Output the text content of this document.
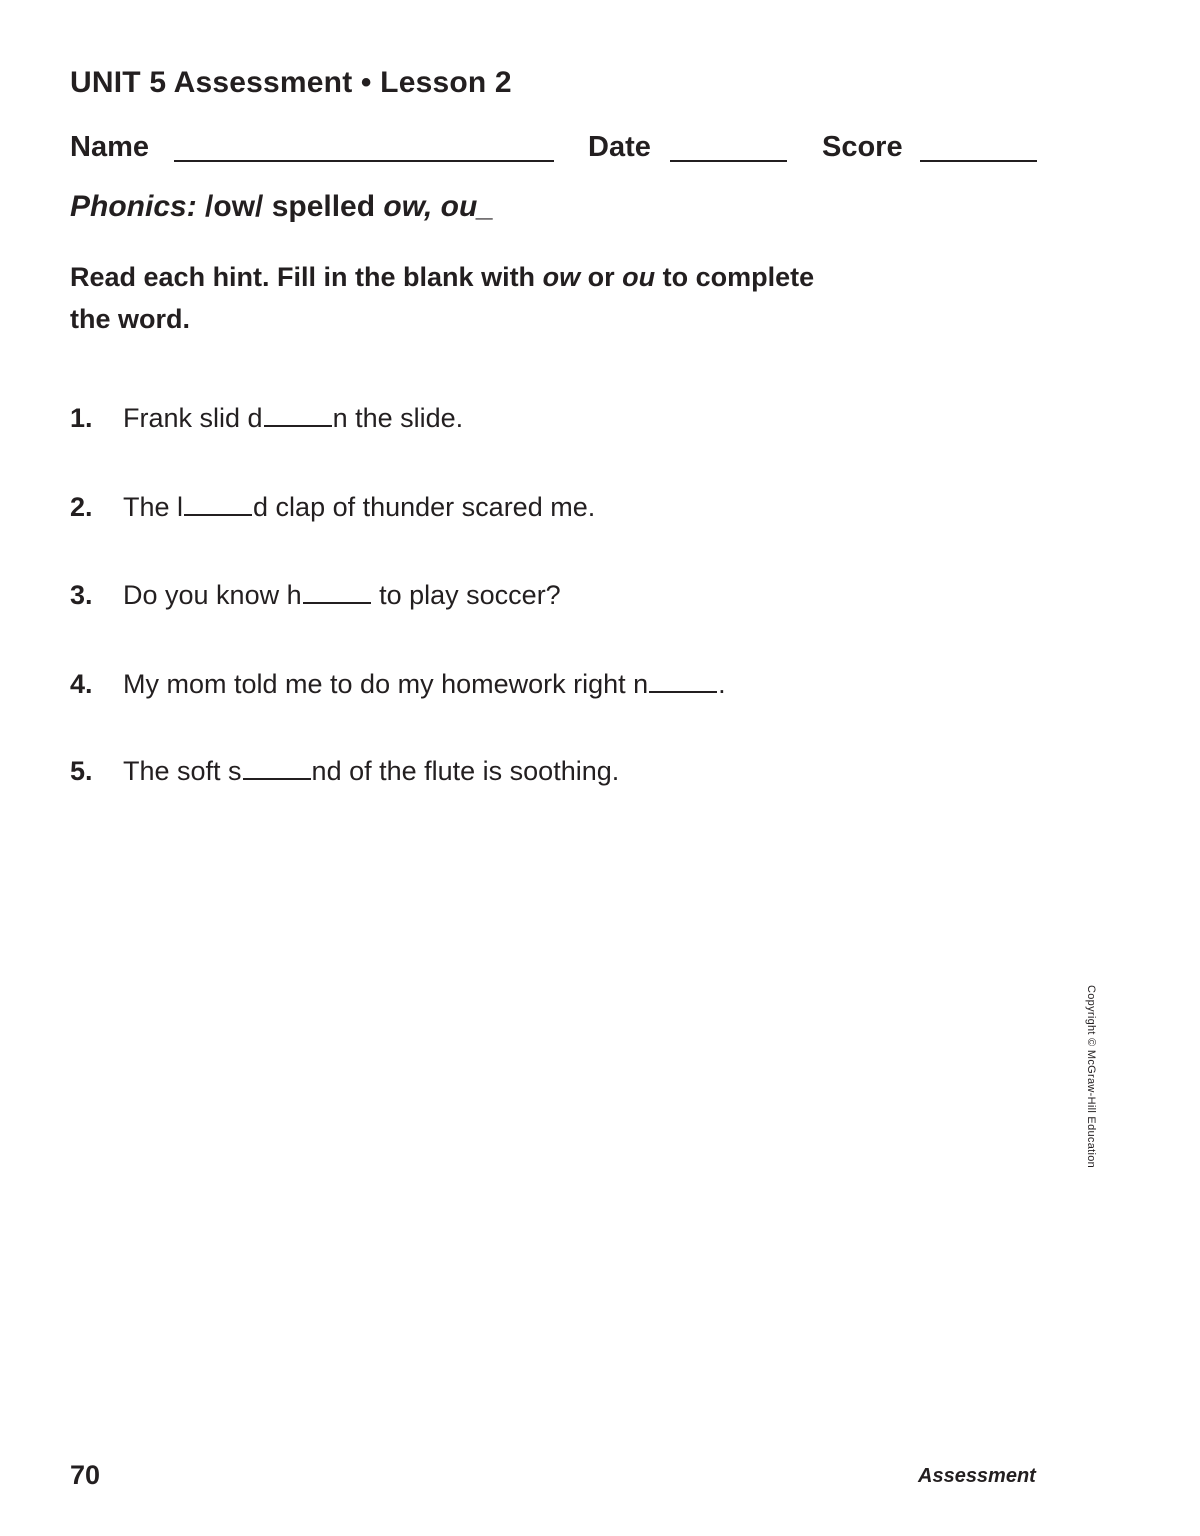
UNIT 5 Assessment • Lesson 2
Name	Date	Score
Phonics: /ow/ spelled ow, ou_
Read each hint. Fill in the blank with ow or ou to complete the word.
1. Frank slid d	n the slide.
2. The l	d clap of thunder scared me.
3. Do you know h	to play soccer?
4. My mom told me to do my homework right n	.
5. The soft s	nd of the flute is soothing.
Copyright © McGraw-Hill Education
70	Assessment
